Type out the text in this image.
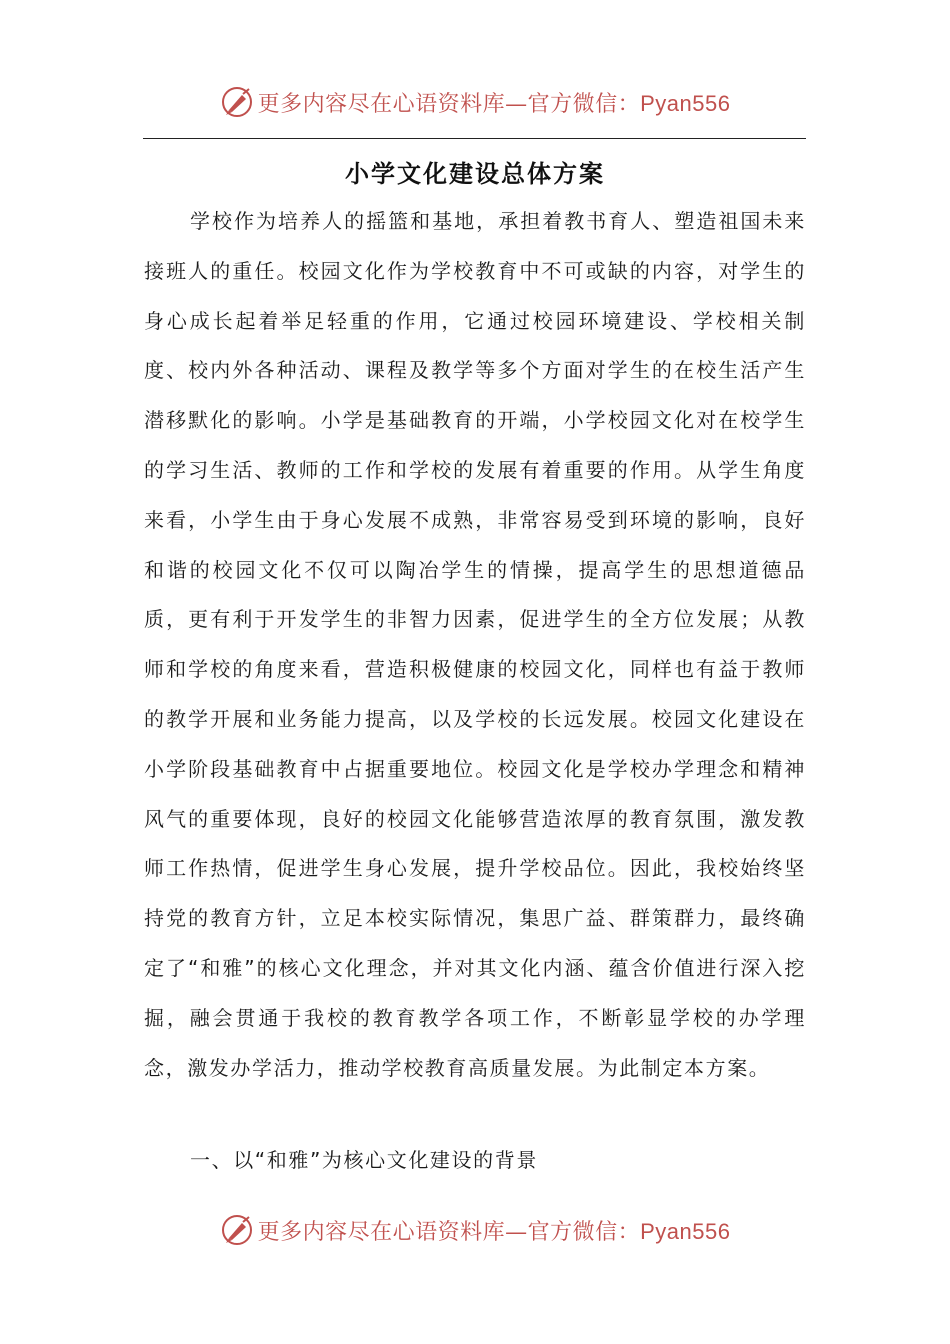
更多内容尽在心语资料库—官方微信：Pyan556
小学文化建设总体方案

学校作为培养人的摇篮和基地，承担着教书育人、塑造祖国未来接班人的重任。校园文化作为学校教育中不可或缺的内容，对学生的身心成长起着举足轻重的作用，它通过校园环境建设、学校相关制度、校内外各种活动、课程及教学等多个方面对学生的在校生活产生潜移默化的影响。小学是基础教育的开端，小学校园文化对在校学生的学习生活、教师的工作和学校的发展有着重要的作用。从学生角度来看，小学生由于身心发展不成熟，非常容易受到环境的影响，良好和谐的校园文化不仅可以陶冶学生的情操，提高学生的思想道德品质，更有利于开发学生的非智力因素，促进学生的全方位发展；从教师和学校的角度来看，营造积极健康的校园文化，同样也有益于教师的教学开展和业务能力提高，以及学校的长远发展。校园文化建设在小学阶段基础教育中占据重要地位。校园文化是学校办学理念和精神风气的重要体现，良好的校园文化能够营造浓厚的教育氛围，激发教师工作热情，促进学生身心发展，提升学校品位。因此，我校始终坚持党的教育方针，立足本校实际情况，集思广益、群策群力，最终确定了“和雅”的核心文化理念，并对其文化内涵、蕴含价值进行深入挖掘，融会贯通于我校的教育教学各项工作，不断彰显学校的办学理念，激发办学活力，推动学校教育高质量发展。为此制定本方案。

一、以“和雅”为核心文化建设的背景

更多内容尽在心语资料库—官方微信：Pyan556
